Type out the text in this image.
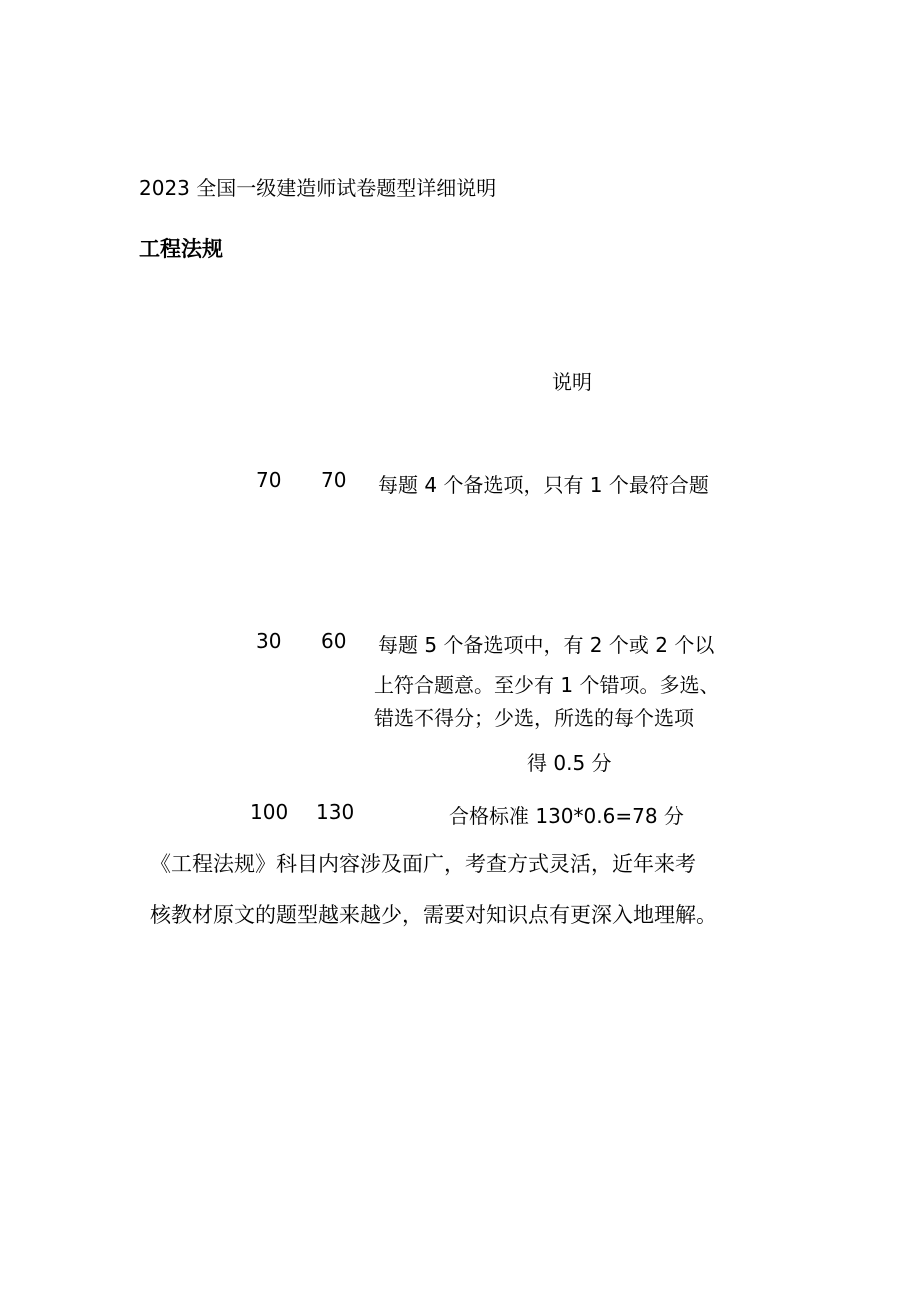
2023 全国一级建造师试卷题型详细说明
工程法规
说明
70 70 每题 4 个备选项，只有 1 个最符合题
30 60 每题 5 个备选项中，有 2 个或 2 个以
上符合题意。至少有 1 个错项。多选、
错选不得分；少选，所选的每个选项
得 0.5 分
100 130	合格标准 130*0.6=78 分
《工程法规》科目内容涉及面广，考查方式灵活，近年来考
核教材原文的题型越来越少，需要对知识点有更深入地理解。
